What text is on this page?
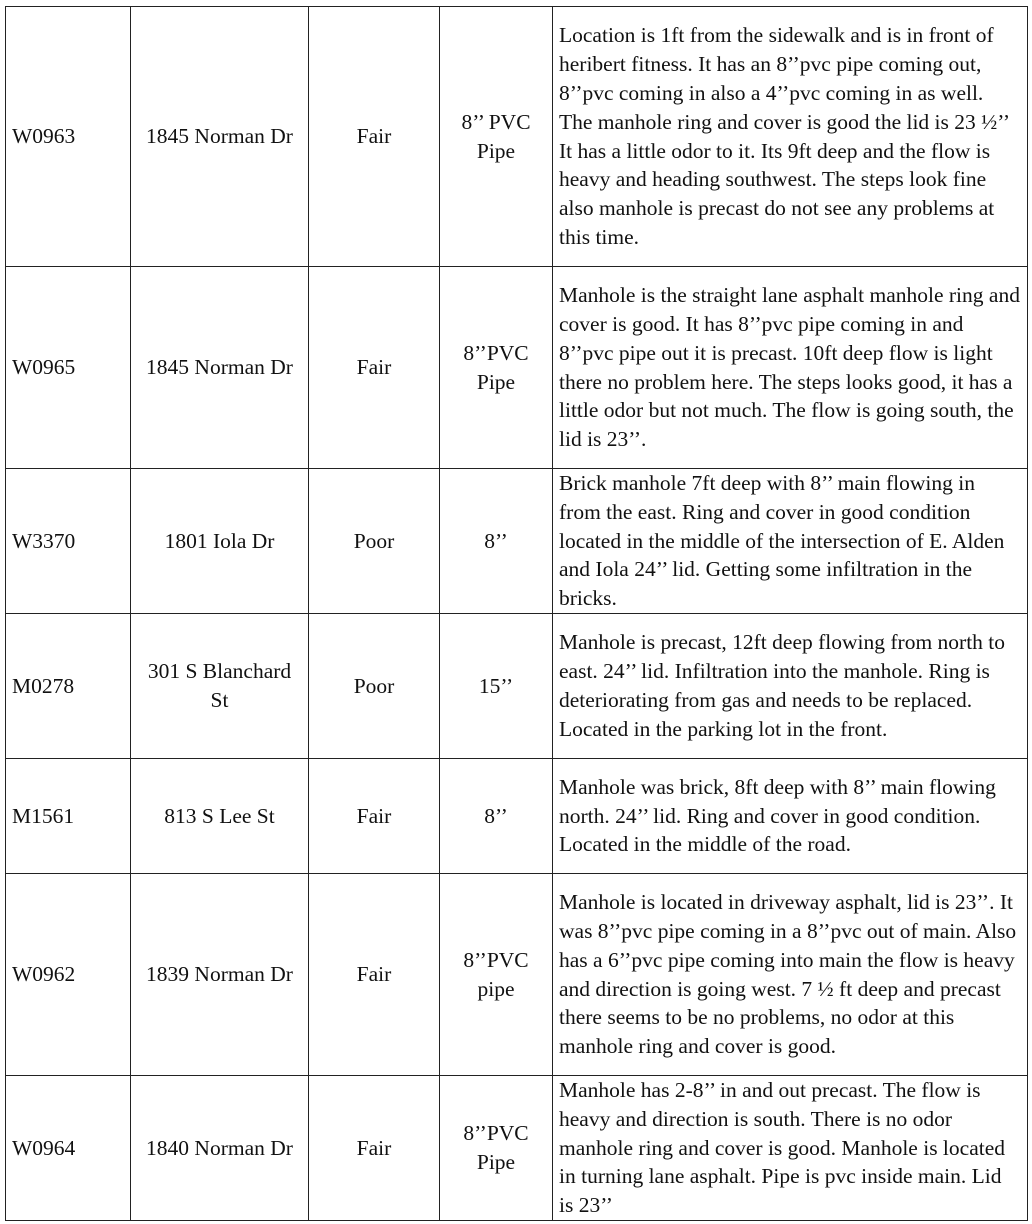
W0963	1845 Norman Dr	Fair	8’’ PVC Pipe	Location is 1ft from the sidewalk and is in front of heribert fitness. It has an 8’’pvc pipe coming out, 8’’pvc coming in also a 4’’pvc coming in as well. The manhole ring and cover is good the lid is 23 ½’’ It has a little odor to it. Its 9ft deep and the flow is heavy and heading southwest. The steps look fine also manhole is precast do not see any problems at this time.
W0965	1845 Norman Dr	Fair	8’’PVC Pipe	Manhole is the straight lane asphalt manhole ring and cover is good. It has 8’’pvc pipe coming in and 8’’pvc pipe out it is precast. 10ft deep flow is light there no problem here. The steps looks good, it has a little odor but not much. The flow is going south, the lid is 23’’.
W3370	1801 Iola Dr	Poor	8’’	Brick manhole 7ft deep with 8’’ main flowing in from the east. Ring and cover in good condition located in the middle of the intersection of E. Alden and Iola 24’’ lid. Getting some infiltration in the bricks.
M0278	301 S Blanchard St	Poor	15’’	Manhole is precast, 12ft deep flowing from north to east. 24’’ lid. Infiltration into the manhole. Ring is deteriorating from gas and needs to be replaced. Located in the parking lot in the front.
M1561	813 S Lee St	Fair	8’’	Manhole was brick, 8ft deep with 8’’ main flowing north. 24’’ lid. Ring and cover in good condition. Located in the middle of the road.
W0962	1839 Norman Dr	Fair	8’’PVC pipe	Manhole is located in driveway asphalt, lid is 23’’. It was 8’’pvc pipe coming in a 8’’pvc out of main. Also has a 6’’pvc pipe coming into main the flow is heavy and direction is going west. 7 ½ ft deep and precast there seems to be no problems, no odor at this manhole ring and cover is good.
W0964	1840 Norman Dr	Fair	8’’PVC Pipe	Manhole has 2-8’’ in and out precast. The flow is heavy and direction is south. There is no odor manhole ring and cover is good. Manhole is located in turning lane asphalt. Pipe is pvc inside main. Lid is 23’’
